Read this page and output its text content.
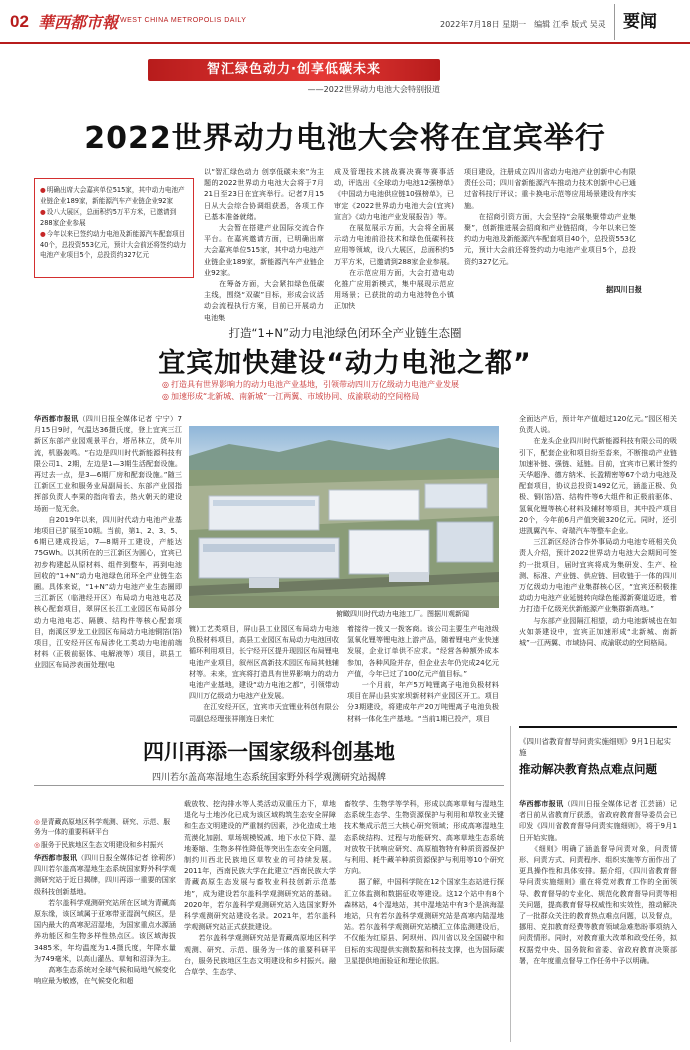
02 華西都市報 WEST CHINA METROPOLIS DAILY	2022年7月18日 星期一　编辑 江季 版式 吴灵	要闻
智汇绿色动力·创享低碳未来
——2022世界动力电池大会特别报道
2022世界动力电池大会将在宜宾举行
●明确出席大会嘉宾单位515家，其中动力电池产业链企业189家，新能源汽车产业链企业92家
●设八大展区，总面积约5万平方米，已邀请到288家企业参展
●今年以来已签约动力电池及新能源汽车配套项目40个，总投资553亿元，预计大会前还将签约动力电池产业项目5个，总投资约327亿元
以“智汇绿色动力 创享低碳未来”为主题的2022世界动力电池大会将于7月21日至23日在宜宾举行。记者7月15日从大会综合协调组获悉，各项工作已基本准备就绪。
　　大会暂在搭建产业国际交流合作平台。在嘉宾邀请方面，已明确出席大会嘉宾单位515家，其中动力电池产业链企业189家，新能源汽车产业链企业92家。
　　在筹备方面，大会紧扣绿色低碳主线，围绕“双碳”目标，形成会议活动会流程执行方案，目前已开展动力电池集
成及管理技术挑战赛决赛等赛事活动，评选出《全球动力电池12强榜单》《中国动力电池供应链10强榜单》，已审定《2022世界动力电池大会(宜宾)宣言》《动力电池产业发展报告》等。
　　在展览展示方面，大会将全面展示动力电池前沿技术和绿色低碳科技应用等领域，设八大展区，总面积约5万平方米，已邀请到288家企业参展。
　　在示范应用方面，大会打造电动化推广应用新模式，集中展现示范应用场景；已获批的动力电池特色小镇正加快
项目建设，注册成立四川省动力电池产业创新中心有限责任公司；四川省新能源汽车推动力技术创新中心已通过省科技厅评议；重卡换电示范等应用场景建设有序实施。
　　在招商引资方面，大会坚持“会展集聚带动产业集聚”，创新推进展会招商和产业链招商，今年以来已签约动力电池及新能源汽车配套项目40个，总投资553亿元，预计大会前还将签约动力电池产业项目5个，总投资约327亿元。
据四川日报
打造“1+N”动力电池绿色闭环全产业链生态圈
宜宾加快建设“动力电池之都”
◎ 打造具有世界影响力的动力电池产业基地，引领带动四川万亿级动力电池产业发展
◎ 加速形成“北新城、南新城”一江两翼、市域协同、成渝联动的空间格局
华西都市报讯（四川日报全媒体记者 宁宁）7月15日9时，气温达36摄氏度，登上宜宾三江新区东部产业园观景平台，塔吊林立，货车川流，机器轰鸣。“右边是四川时代新能源科技有限公司1、2期，左边是1—3期生活配套设施。再过去一点，是3—6期厂房和配套设施。”随三江新区工业和服务业局副局长、东部产业园指挥部负责人李果的指向看去，热火朝天的建设场面一览无余。
　　自2019年以来，四川时代动力电池产业基地项目已扩展至10期。当前，第1、2、3、5、6期已建成投运，7—8期开工建设，产能达75GWh。以其所在的三江新区为圆心，宜宾已初步构建起从原材料、组件到整车，再到电池回收的“1+N”动力电池绿色闭环全产业链生态圈。具体来说，“1+N”动力电池产业生态圈即三江新区（临港经开区）布局动力电池电芯及核心配套项目，翠屏区长江工业园区布局部分动力电池电芯、隔膜、结构件等核心配套项目，南溪区罗龙工业园区布局动力电池铜箔(箔)项目，江安经开区布局涉化工类动力电池前端材料（正极前驱体、电解液等）项目，珙县工业园区布局涉表面处理(电
俯瞰四川时代动力电池工厂。图据川观新闻
镀)工艺类项目，屏山县工业园区布局动力电池负极材料项目，高县工业园区布局动力电池回收循环利用项目，长宁经开区提升现园区布局锂电电池产业项目，叙州区高新技术园区布局其他辅材等。未来，宜宾将打造具有世界影响力的动力电池产业基地，建设“动力电池之都”，引领带动四川万亿级动力电池产业发展。
　　在江安经开区，宜宾市天宜锂业科创有限公司副总经理张祥刚连日来忙
着接待一拨又一拨客商。该公司主要生产电池级氢氧化锂等锂电池上游产品，随着锂电产业快速发展，企业订单供不应求。“经营各种额外成本参加，各种风险并存，但企业去年仍完成24亿元产值，今年已过了100亿元产值目标。”
　　一个月前，年产5万吨锂离子电池负极材料项目在屏山县实家坝新材料产业园区开工。项目分3期建设，将建成年产20万吨锂离子电池负极材料一体化生产基地。“当前1期已投产，项目
全面达产后，预计年产值超过120亿元。”园区相关负责人说。
　　在龙头企业四川时代新能源科技有限公司的吸引下，配套企业和项目纷至沓来，不断推动产业链加速补链、强链、延链。目前，宜宾市已累计签约天华超净、德方纳米、长盈精密等67个动力电池及配套项目，协议总投资1492亿元，涵盖正极、负极、铜(箔)箔、结构件等6大组件和正极前驱体、氢氧化锂等核心材料及辅材等项目，其中投产项目20个，今年前6月产值突破320亿元。同时，还引进凯翼汽车、奇瑞汽车等整车企业。
　　三江新区经济合作外事局动力电池专班相关负责人介绍，预计2022世界动力电池大会期间可签约一批项目，届时宜宾将成为集研发、生产、检测、标准、产业链、供应链、回收链于一体的四川万亿级动力电池产业集群核心区，“宜宾还积极推动动力电池产业延链转向绿色能源新赛道迈进，着力打造千亿级光伏新能源产业集群新高地。”
　　与东部产业园隔江相望，动力电池新城也在如火如荼建设中，宜宾正加速形成“北新城、南新城”一江两翼、市域协同、成渝联动的空间格局。
四川再添一国家级科创基地
四川若尔盖高寒湿地生态系统国家野外科学观测研究站揭牌
◎是青藏高原地区科学观测、研究、示范、服务为一体的重要科研平台
◎服务于民族地区生态文明建设和乡村振兴
华西都市报讯（四川日报全媒体记者 徐莉莎）四川若尔盖高寒湿地生态系统国家野外科学观测研究站于近日揭牌，四川再添一重要的国家级科技创新基地。
　　若尔盖科学观测研究站所在区域为青藏高原东缘，该区域属于亚寒带亚湿润气候区，是国内最大的高寒泥沼湿地，为国家重点水源涵养功能区和生物多样性热点区。该区域海拔3485米，年均温度为1.4摄氏度，年降水量为749毫米，以高山灌丛、草甸和沼泽为主。
　　高寒生态系统对全球气候和局地气候变化响应最为敏感，在气候变化和超
载放牧、挖沟排水等人类活动双重压力下，草地退化与土地沙化已成为该区域构筑生态安全屏障和生态文明建设的严重制约因素，沙化造成土地荒漠化加剧、草场规模锐减、地下水位下降、湿地萎缩、生物多样性降低等突出生态安全问题，制约川西北民族地区草牧业的可持续发展。2011年，西南民族大学在此建立“西南民族大学青藏高原生态发展与畜牧业科技创新示范基地”，成为建设若尔盖科学观测研究站的基础。2020年，若尔盖科学观测研究站入选国家野外科学观测研究站建设名录。2021年，若尔盖科学观测研究站正式获批建设。
　　若尔盖科学观测研究站是青藏高原地区科学观测、研究、示范、服务为一体的重要科研平台，服务民族地区生态文明建设和乡村振兴。融合草学、生态学、
畜牧学、生物学等学科，形成以高寒草甸与湿地生态系统生态学、生物资源保护与利用和草牧业关键技术集成示范三大核心研究领域；形成高寒湿地生态系统结构、过程与功能研究、高寒草地生态系统对放牧干扰响应研究、高原植物特有种质资源保护与利用、耗牛藏羊种质资源保护与利用等10个研究方向。
　　据了解，中国科学院在12个国家生态站进行探汇立体监测和数据征收等建设。这12个站中有8个森林站，4个湿地站，其中湿地站中有3个是滨海湿地站，只有若尔盖科学观测研究站是高寒内陆湿地站。若尔盖科学观测研究站横汇立体监测建设后，不仅能为红原县、阿坝州、四川省以及全国碳中和目标的实现提供实测数据和科技支撑，也为国际碳卫星提供地面验证和理论依据。
《四川省教育督导问责实施细则》9月1日起实施
推动解决教育热点难点问题
华西都市报讯（四川日报全媒体记者 江芸涵）记者日前从省教育厅获悉，省政府教育督导委员会已印发《四川省教育督导问责实施细则》，将于9月1日开始实施。
　　《细则》明确了涵盖督导问责对象，问责情形、问责方式、问责程序、组织实施等方面作出了更具操作性和具体安排。据介绍，《四川省教育督导问责实施细则》重在将党对教育工作的全面领导、教育督导的专业化、规范化教育督导问责等相关问题，提高教育督导权威性和实效性，推动解决了一批群众关注的教育热点难点问题，以及督点，挪用、克扣教育经费等教育领域急难愁盼事项纳入问责情形。同时，对教育重大改革和政受任务，拟权据党中央、国务院和省委、省政府教育决策部署，在年度重点督导工作任务中予以明确。
